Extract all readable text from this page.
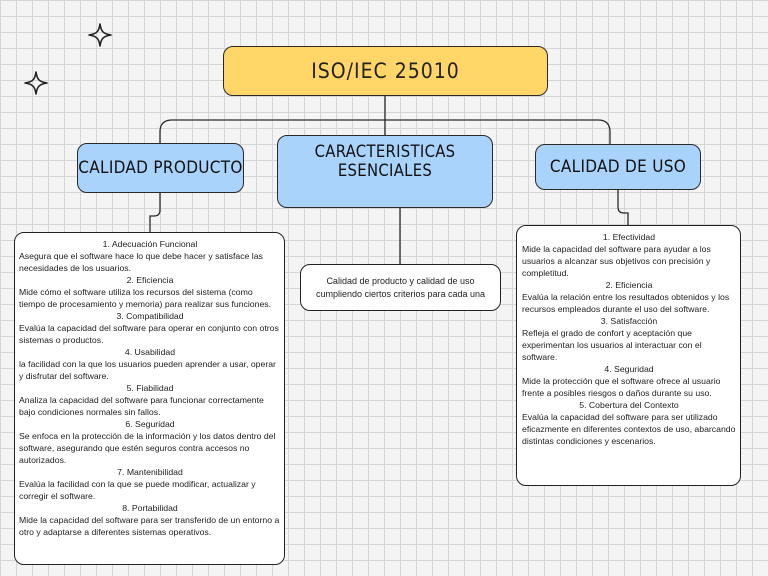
ISO/IEC 25010
CALIDAD PRODUCTO
CARACTERISTICAS ESENCIALES	CALIDAD DE USO
1. Adecuación Funcional
Asegura que el software hace lo que debe hacer y satisface las necesidades de los usuarios.
2. Eficiencia
Mide cómo el software utiliza los recursos del sistema (como tiempo de procesamiento y memoria) para realizar sus funciones.
3. Compatibilidad
Evalúa la capacidad del software para operar en conjunto con otros sistemas o productos.
4. Usabilidad
la facilidad con la que los usuarios pueden aprender a usar, operar y disfrutar del software.
5. Fiabilidad
Analiza la capacidad del software para funcionar correctamente bajo condiciones normales sin fallos.
6. Seguridad
Se enfoca en la protección de la información y los datos dentro del software, asegurando que estén seguros contra accesos no autorizados.
7. Mantenibilidad
Evalúa la facilidad con la que se puede modificar, actualizar y corregir el software.
8. Portabilidad
Mide la capacidad del software para ser transferido de un entorno a otro y adaptarse a diferentes sistemas operativos.
Calidad de producto y calidad de uso cumpliendo ciertos criterios para cada una
1. Efectividad
Mide la capacidad del software para ayudar a los usuarios a alcanzar sus objetivos con precisión y completitud.
2. Eficiencia
Evalúa la relación entre los resultados obtenidos y los recursos empleados durante el uso del software.
3. Satisfacción
Refleja el grado de confort y aceptación que experimentan los usuarios al interactuar con el software.
4. Seguridad
Mide la protección que el software ofrece al usuario frente a posibles riesgos o daños durante su uso.
5. Cobertura del Contexto
Evalúa la capacidad del software para ser utilizado eficazmente en diferentes contextos de uso, abarcando distintas condiciones y escenarios.
